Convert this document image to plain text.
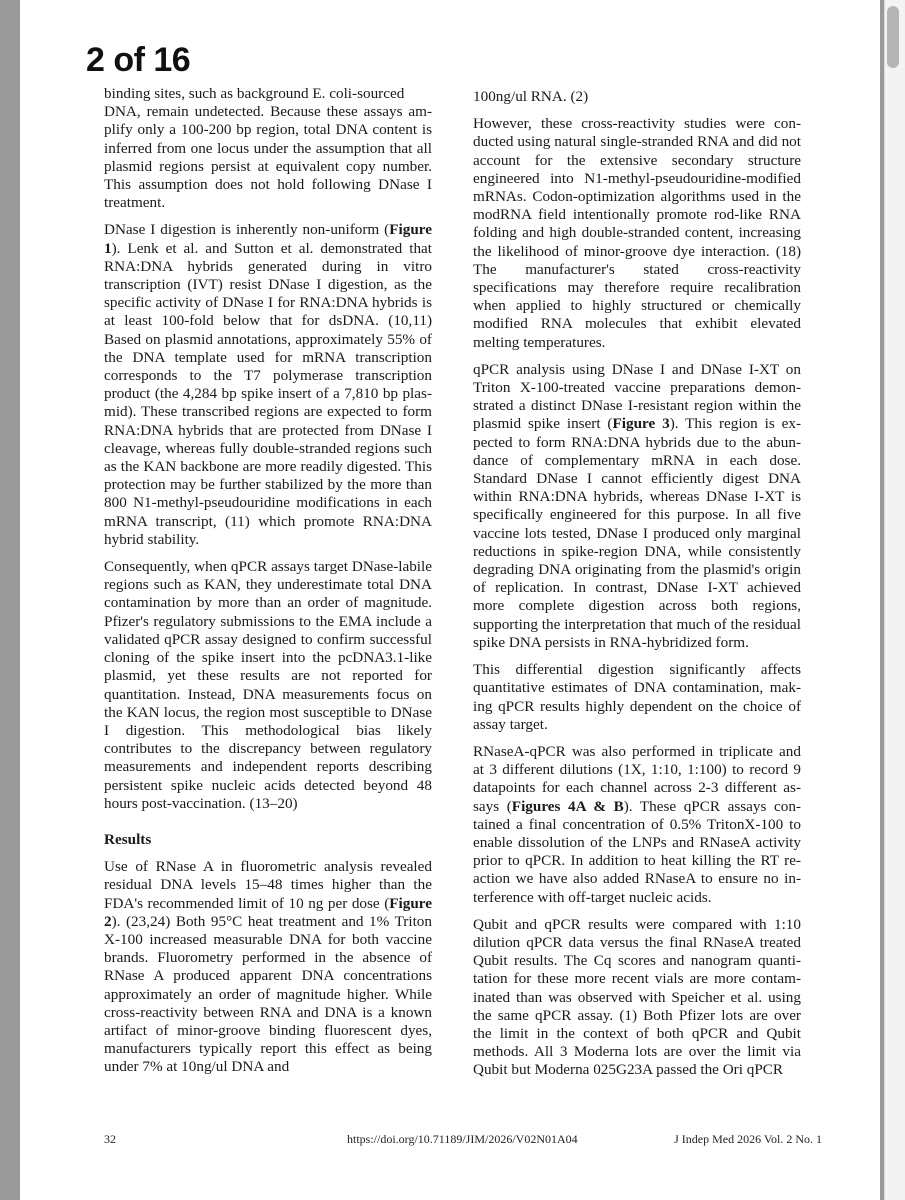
2 of 16

binding sites, such as background E. coli-sourced

DNA, remain undetected. Because these assays amplify only a 100-200 bp region, total DNA content is inferred from one locus under the assumption that all plasmid regions persist at equivalent copy number. This assumption does not hold following DNase I treatment.

DNase I digestion is inherently non-uniform (Figure 1). Lenk et al. and Sutton et al. demonstrated that RNA:DNA hybrids generated during in vitro transcription (IVT) resist DNase I digestion, as the specific activity of DNase I for RNA:DNA hybrids is at least 100-fold below that for dsDNA. (10,11) Based on plasmid annotations, approximately 55% of the DNA template used for mRNA transcription corresponds to the T7 polymerase transcription product (the 4,284 bp spike insert of a 7,810 bp plasmid). These transcribed regions are expected to form RNA:DNA hybrids that are protected from DNase I cleavage, whereas fully double-stranded regions such as the KAN backbone are more readily digested. This protection may be further stabilized by the more than 800 N1-methyl-pseudouridine modifications in each mRNA transcript, (11) which promote RNA:DNA hybrid stability.

Consequently, when qPCR assays target DNase-labile regions such as KAN, they underestimate total DNA contamination by more than an order of magnitude. Pfizer's regulatory submissions to the EMA include a validated qPCR assay designed to confirm successful cloning of the spike insert into the pcDNA3.1-like plasmid, yet these results are not reported for quantitation. Instead, DNA measurements focus on the KAN locus, the region most susceptible to DNase I digestion. This methodological bias likely contributes to the discrepancy between regulatory measurements and independent reports describing persistent spike nucleic acids detected beyond 48 hours post-vaccination. (13–20)

Results

Use of RNase A in fluorometric analysis revealed residual DNA levels 15–48 times higher than the FDA's recommended limit of 10 ng per dose (Figure 2). (23,24) Both 95°C heat treatment and 1% Triton X-100 increased measurable DNA for both vaccine brands. Fluorometry performed in the absence of RNase A produced apparent DNA concentrations approximately an order of magnitude higher. While cross-reactivity between RNA and DNA is a known artifact of minor-groove binding fluorescent dyes, manufacturers typically report this effect as being under 7% at 10ng/ul DNA and

100ng/ul RNA. (2)

However, these cross-reactivity studies were conducted using natural single-stranded RNA and did not account for the extensive secondary structure engineered into N1-methyl-pseudouridine-modified mRNAs. Codon-optimization algorithms used in the modRNA field intentionally promote rod-like RNA folding and high double-stranded content, increasing the likelihood of minor-groove dye interaction. (18) The manufacturer's stated cross-reactivity specifications may therefore require recalibration when applied to highly structured or chemically modified RNA molecules that exhibit elevated melting temperatures.

qPCR analysis using DNase I and DNase I-XT on Triton X-100-treated vaccine preparations demonstrated a distinct DNase I-resistant region within the plasmid spike insert (Figure 3). This region is expected to form RNA:DNA hybrids due to the abundance of complementary mRNA in each dose. Standard DNase I cannot efficiently digest DNA within RNA:DNA hybrids, whereas DNase I-XT is specifically engineered for this purpose. In all five vaccine lots tested, DNase I produced only marginal reductions in spike-region DNA, while consistently degrading DNA originating from the plasmid's origin of replication. In contrast, DNase I-XT achieved more complete digestion across both regions, supporting the interpretation that much of the residual spike DNA persists in RNA-hybridized form.

This differential digestion significantly affects quantitative estimates of DNA contamination, making qPCR results highly dependent on the choice of assay target.

RNaseA-qPCR was also performed in triplicate and at 3 different dilutions (1X, 1:10, 1:100) to record 9 datapoints for each channel across 2-3 different assays (Figures 4A & B). These qPCR assays contained a final concentration of 0.5% TritonX-100 to enable dissolution of the LNPs and RNaseA activity prior to qPCR. In addition to heat killing the RT reaction we have also added RNaseA to ensure no interference with off-target nucleic acids.

Qubit and qPCR results were compared with 1:10 dilution qPCR data versus the final RNaseA treated Qubit results. The Cq scores and nanogram quantitation for these more recent vials are more contaminated than was observed with Speicher et al. using the same qPCR assay. (1) Both Pfizer lots are over the limit in the context of both qPCR and Qubit methods. All 3 Moderna lots are over the limit via Qubit but Moderna 025G23A passed the Ori qPCR

32	https://doi.org/10.71189/JIM/2026/V02N01A04	J Indep Med 2026 Vol. 2 No. 1
